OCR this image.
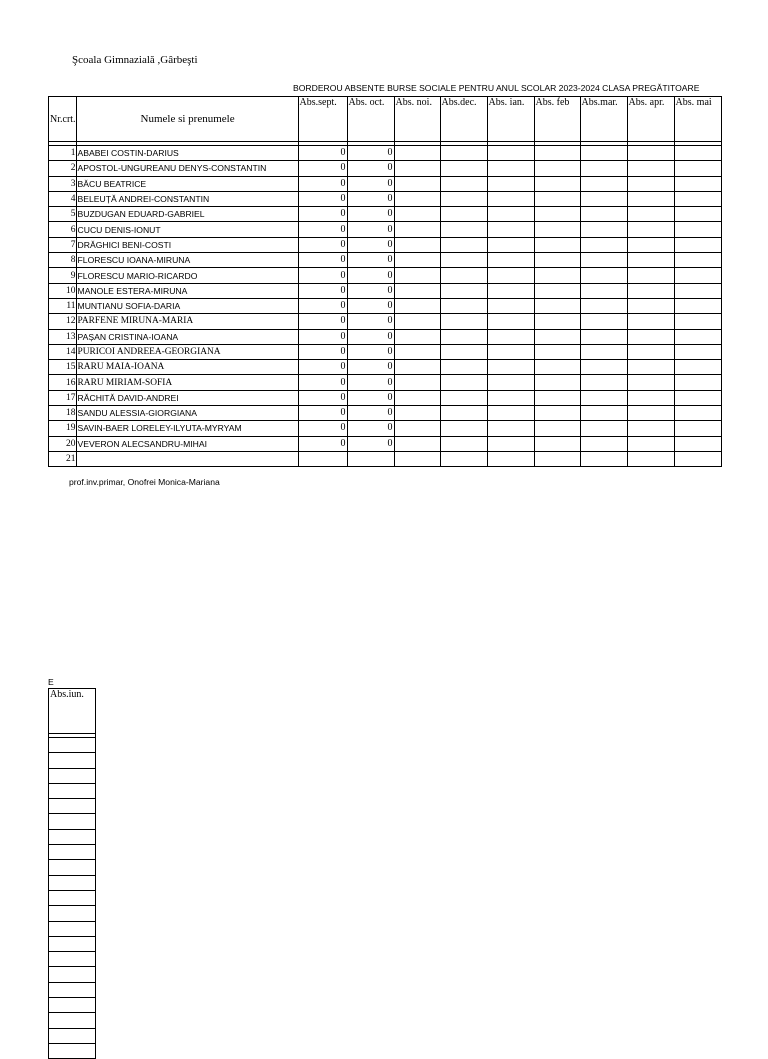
Şcoala Gimnazială ,Gârbeşti
BORDEROU ABSENTE BURSE SOCIALE PENTRU ANUL SCOLAR 2023-2024 CLASA PREGĂTITOARE
Nr.crt.	Numele si prenumele	Abs.sept.	Abs. oct.	Abs. noi.	Abs.dec.	Abs. ian.	Abs. feb	Abs.mar.	Abs. apr.	Abs. mai

1	ABABEI COSTIN-DARIUS	0	0							
2	APOSTOL-UNGUREANU DENYS-CONSTANTIN	0	0							
3	BĂCU BEATRICE	0	0							
4	BELEUȚĂ ANDREI-CONSTANTIN	0	0							
5	BUZDUGAN EDUARD-GABRIEL	0	0							
6	CUCU DENIS-IONUT	0	0							
7	DRĂGHICI BENI-COSTI	0	0							
8	FLORESCU IOANA-MIRUNA	0	0							
9	FLORESCU MARIO-RICARDO	0	0							
10	MANOLE ESTERA-MIRUNA	0	0							
11	MUNTIANU SOFIA-DARIA	0	0							
12	PARFENE MIRUNA-MARIA	0	0							
13	PAȘAN CRISTINA-IOANA	0	0							
14	PURICOI ANDREEA-GEORGIANA	0	0							
15	RARU MAIA-IOANA	0	0							
16	RARU MIRIAM-SOFIA	0	0							
17	RĂCHITĂ DAVID-ANDREI	0	0							
18	SANDU ALESSIA-GIORGIANA	0	0							
19	SAVIN-BAER LORELEY-ILYUTA-MYRYAM	0	0							
20	VEVERON ALECSANDRU-MIHAI	0	0							
21										
prof.inv.primar, Onofrei Monica-Mariana
E
Abs.iun.
